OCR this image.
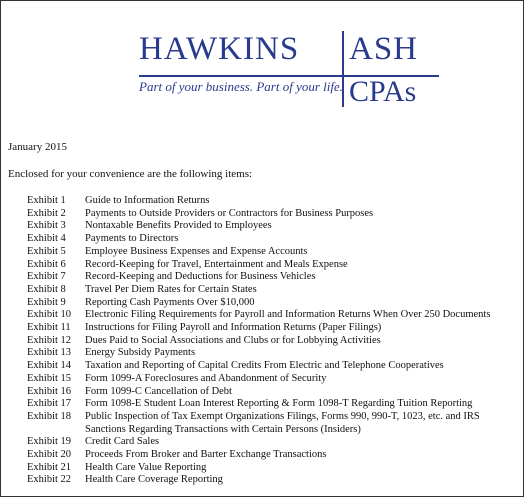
HAWKINS ASH
Part of your business. Part of your life. CPAs
January 2015
Enclosed for your convenience are the following items:
Exhibit 1	Guide to Information Returns
Exhibit 2	Payments to Outside Providers or Contractors for Business Purposes
Exhibit 3	Nontaxable Benefits Provided to Employees
Exhibit 4	Payments to Directors
Exhibit 5	Employee Business Expenses and Expense Accounts
Exhibit 6	Record-Keeping for Travel, Entertainment and Meals Expense
Exhibit 7	Record-Keeping and Deductions for Business Vehicles
Exhibit 8	Travel Per Diem Rates for Certain States
Exhibit 9	Reporting Cash Payments Over $10,000
Exhibit 10	Electronic Filing Requirements for Payroll and Information Returns When Over 250 Documents
Exhibit 11	Instructions for Filing Payroll and Information Returns (Paper Filings)
Exhibit 12	Dues Paid to Social Associations and Clubs or for Lobbying Activities
Exhibit 13	Energy Subsidy Payments
Exhibit 14	Taxation and Reporting of Capital Credits From Electric and Telephone Cooperatives
Exhibit 15	Form 1099-A Foreclosures and Abandonment of Security
Exhibit 16	Form 1099-C Cancellation of Debt
Exhibit 17	Form 1098-E Student Loan Interest Reporting & Form 1098-T Regarding Tuition Reporting
Exhibit 18	Public Inspection of Tax Exempt Organizations Filings, Forms 990, 990-T, 1023, etc. and IRS Sanctions Regarding Transactions with Certain Persons (Insiders)
Exhibit 19	Credit Card Sales
Exhibit 20	Proceeds From Broker and Barter Exchange Transactions
Exhibit 21	Health Care Value Reporting
Exhibit 22	Health Care Coverage Reporting
